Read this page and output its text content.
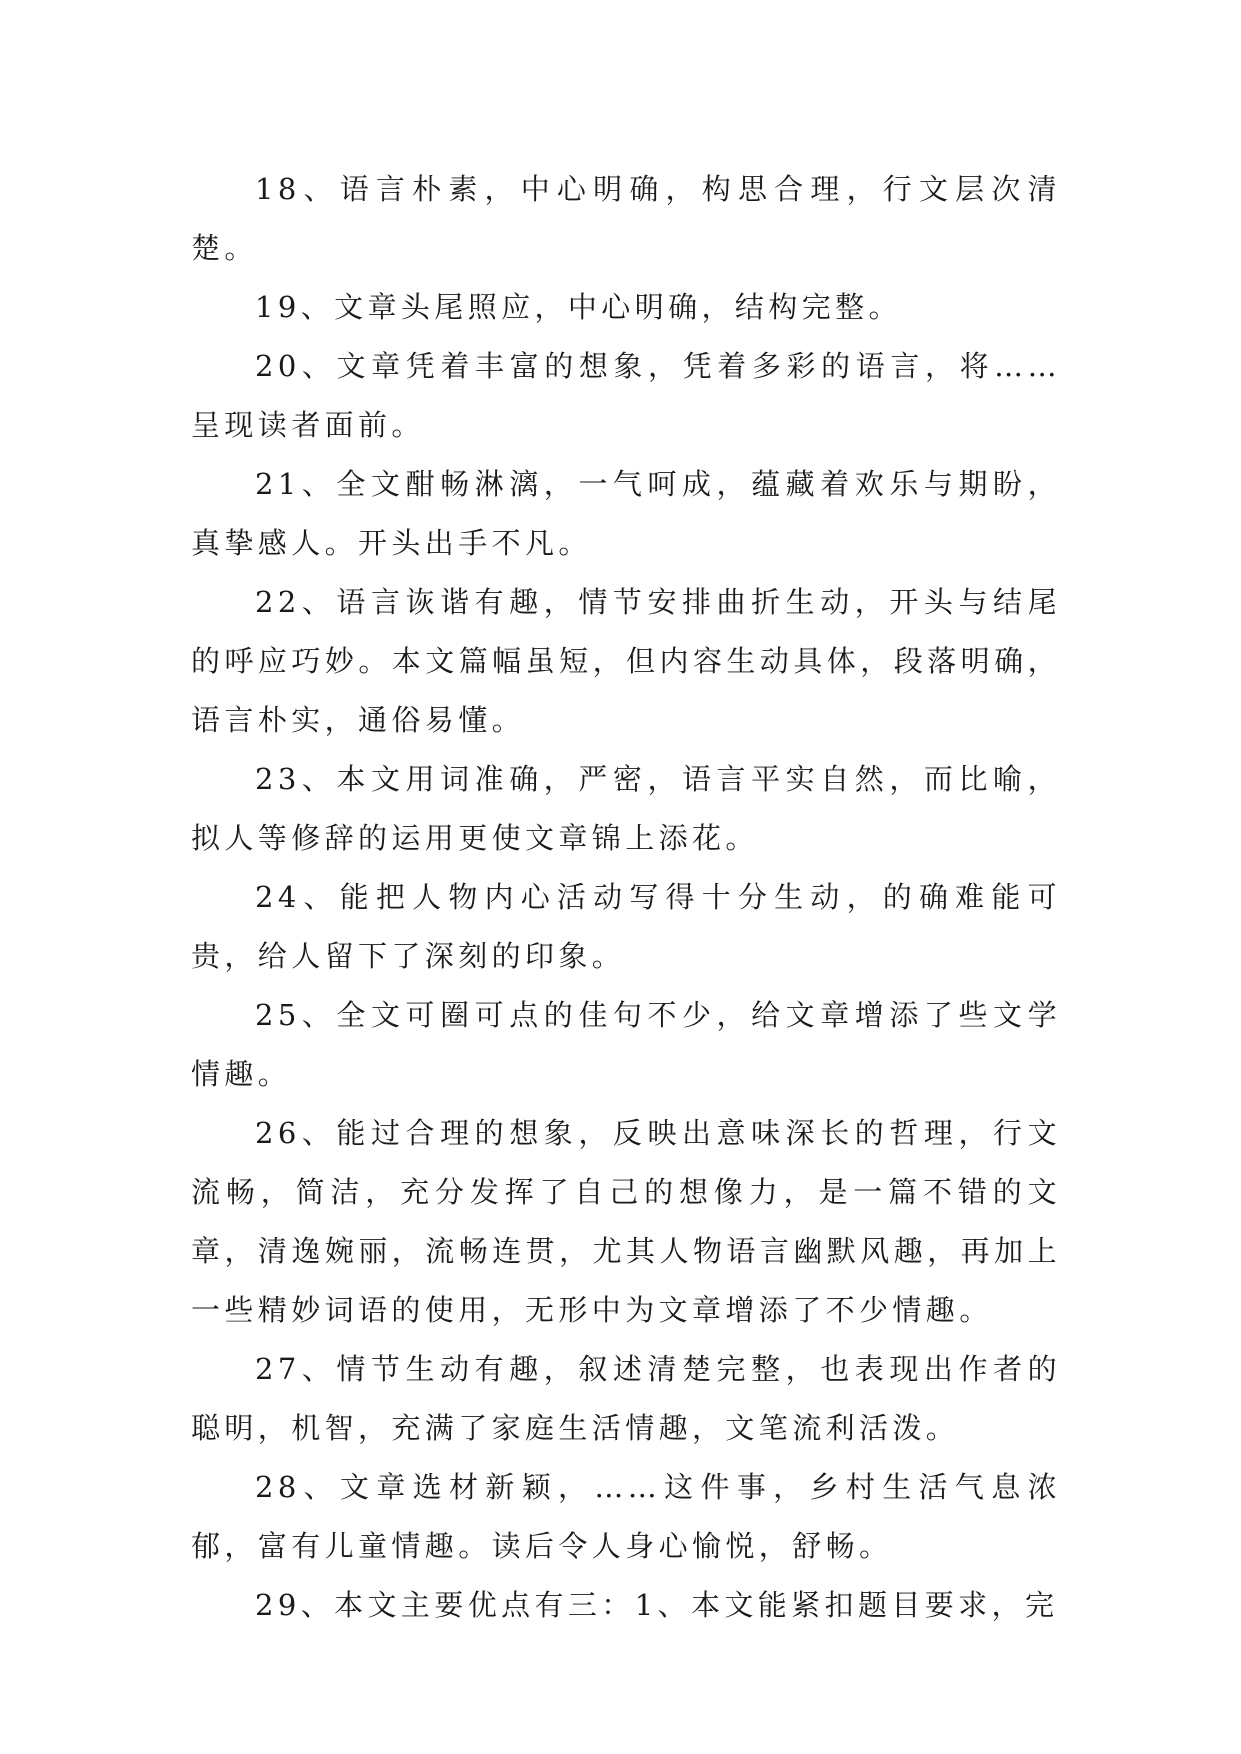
18、语言朴素，中心明确，构思合理，行文层次清楚。

19、文章头尾照应，中心明确，结构完整。

20、文章凭着丰富的想象，凭着多彩的语言，将……呈现读者面前。

21、全文酣畅淋漓，一气呵成，蕴藏着欢乐与期盼，真挚感人。开头出手不凡。

22、语言诙谐有趣，情节安排曲折生动，开头与结尾的呼应巧妙。本文篇幅虽短，但内容生动具体，段落明确，语言朴实，通俗易懂。

23、本文用词准确，严密，语言平实自然，而比喻，拟人等修辞的运用更使文章锦上添花。

24、能把人物内心活动写得十分生动，的确难能可贵，给人留下了深刻的印象。

25、全文可圈可点的佳句不少，给文章增添了些文学情趣。

26、能过合理的想象，反映出意味深长的哲理，行文流畅，简洁，充分发挥了自己的想像力，是一篇不错的文章，清逸婉丽，流畅连贯，尤其人物语言幽默风趣，再加上一些精妙词语的使用，无形中为文章增添了不少情趣。

27、情节生动有趣，叙述清楚完整，也表现出作者的聪明，机智，充满了家庭生活情趣，文笔流利活泼。

28、文章选材新颖，……这件事，乡村生活气息浓郁，富有儿童情趣。读后令人身心愉悦，舒畅。

29、本文主要优点有三：1、本文能紧扣题目要求，完
